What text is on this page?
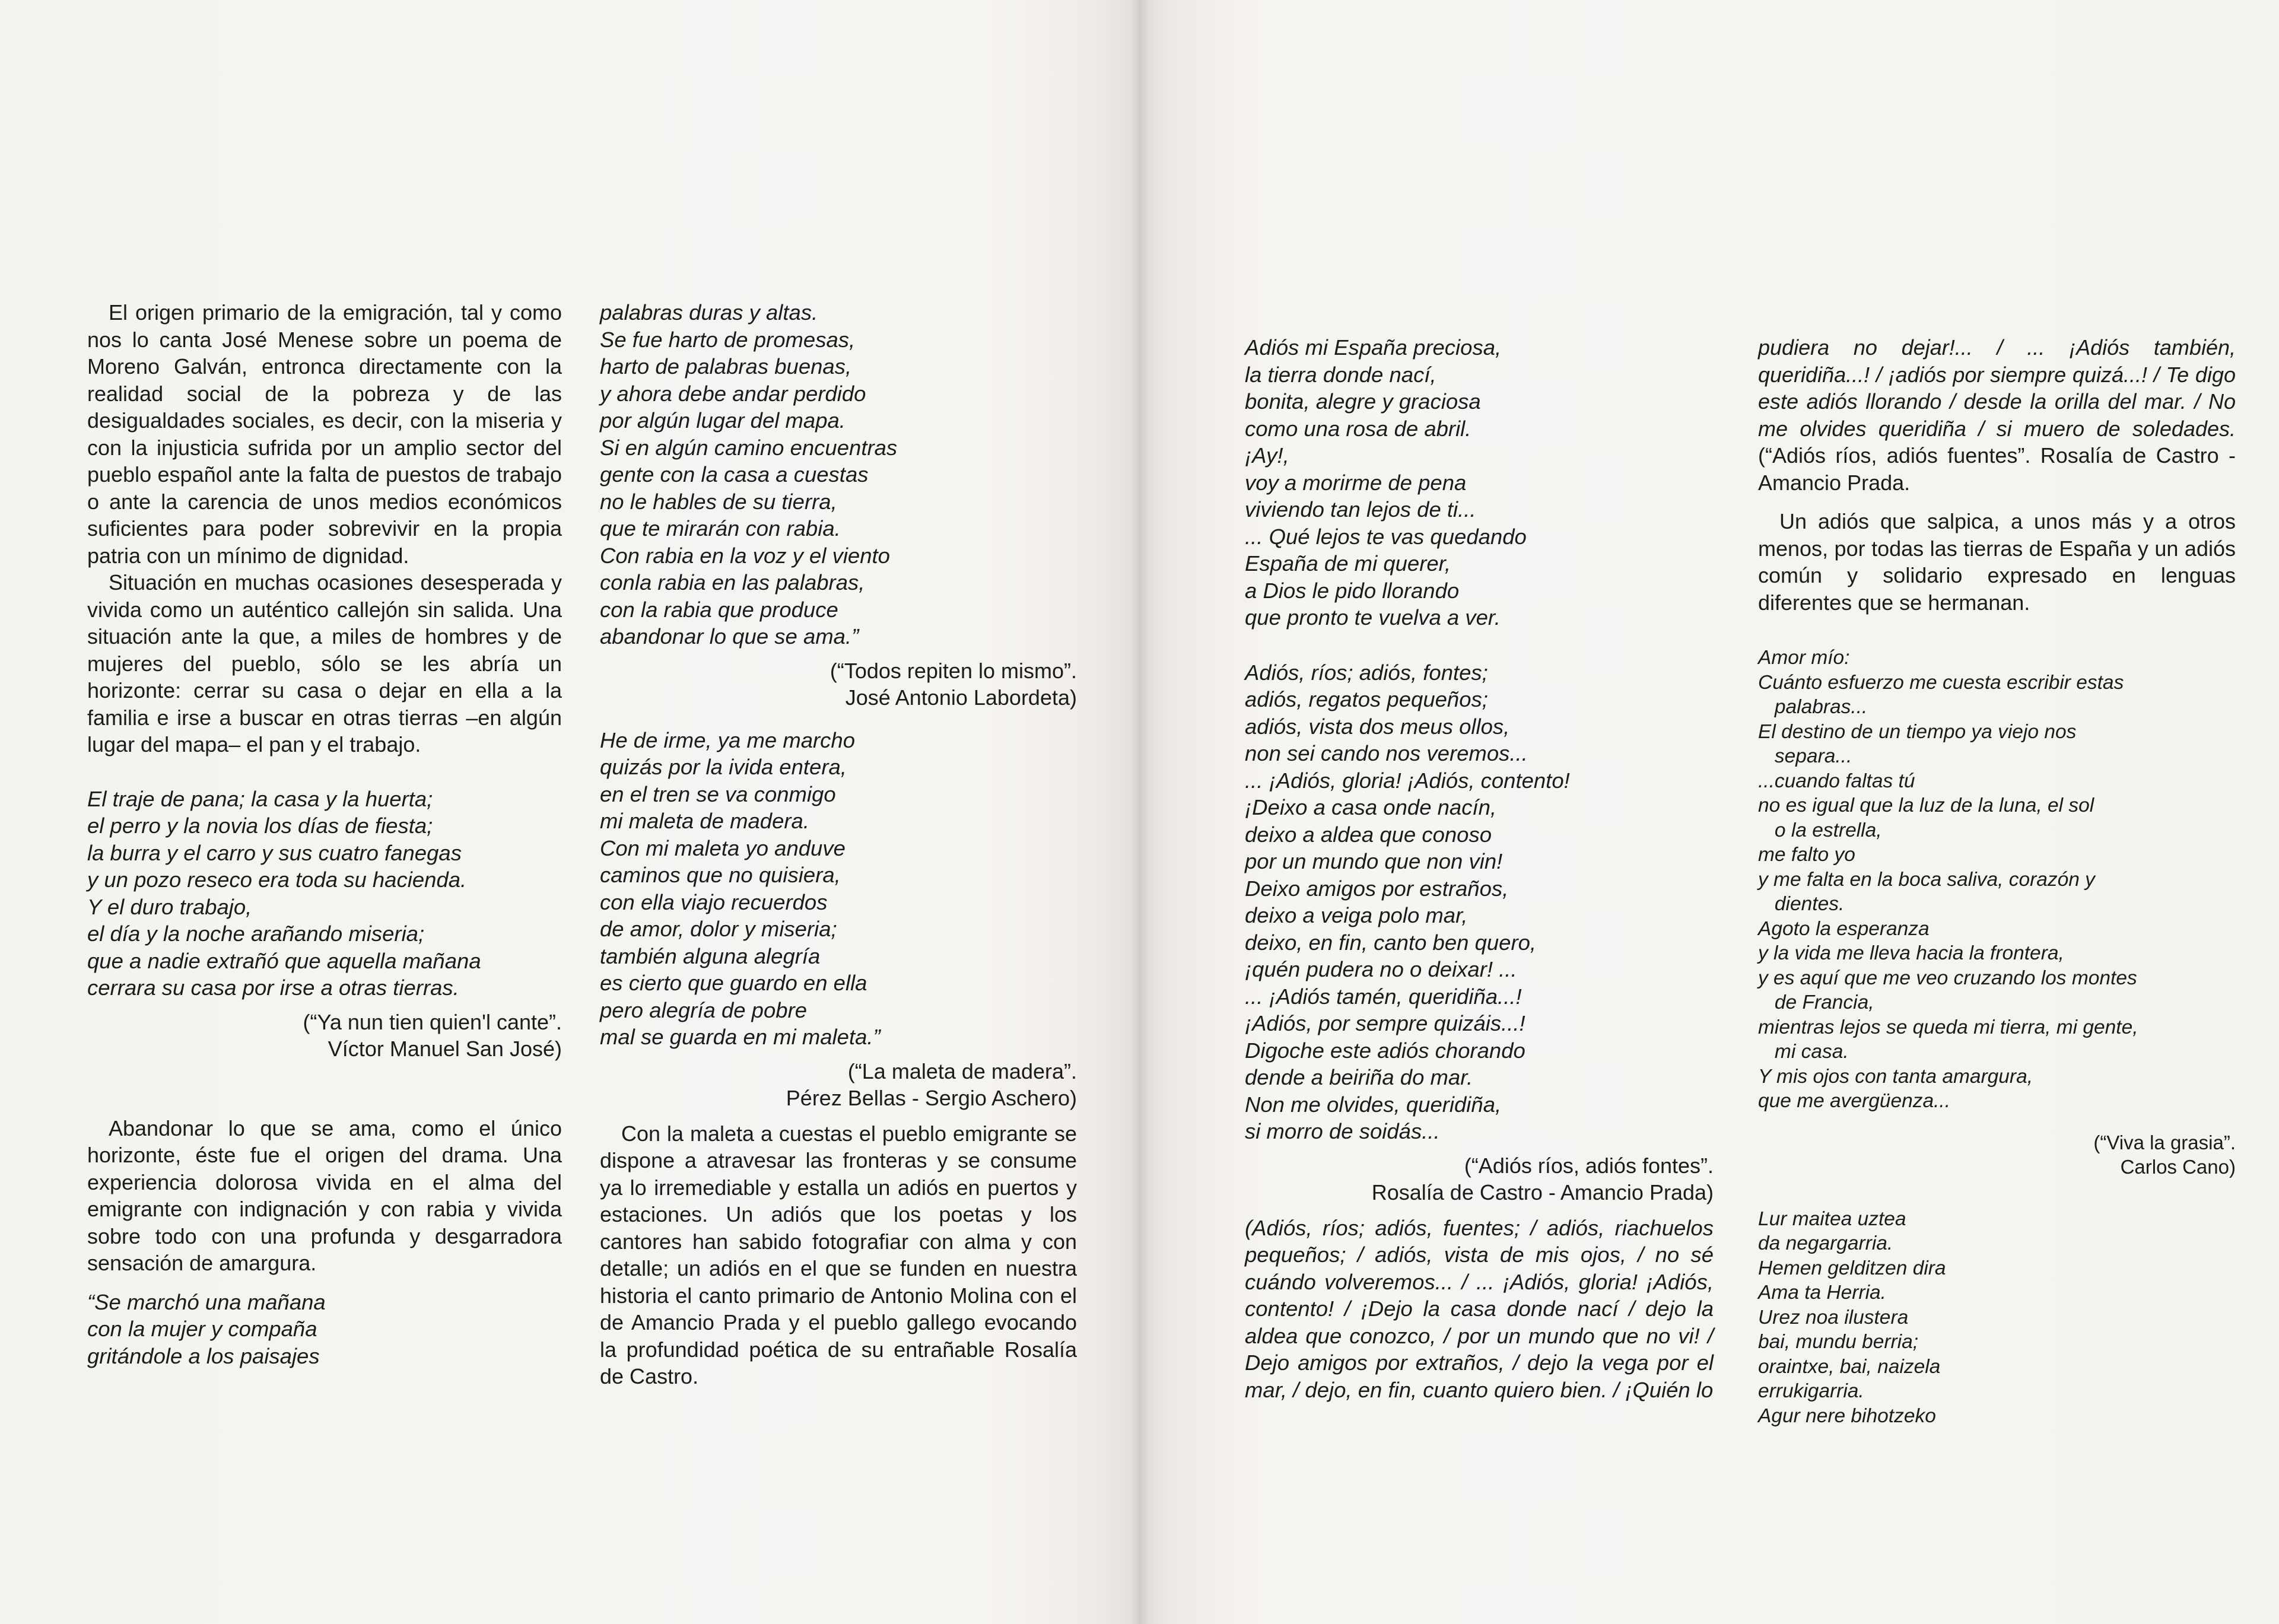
El origen primario de la emigración, tal y como nos lo canta José Menese sobre un poema de Moreno Galván, entronca directamente con la realidad social de la pobreza y de las desigualdades sociales, es decir, con la miseria y con la injusticia sufrida por un amplio sector del pueblo español ante la falta de puestos de trabajo o ante la carencia de unos medios económicos suficientes para poder sobrevivir en la propia patria con un mínimo de dignidad.

Situación en muchas ocasiones desesperada y vivida como un auténtico callejón sin salida. Una situación ante la que, a miles de hombres y de mujeres del pueblo, sólo se les abría un horizonte: cerrar su casa o dejar en ella a la familia e irse a buscar en otras tierras –en algún lugar del mapa– el pan y el trabajo.

El traje de pana; la casa y la huerta;
el perro y la novia los días de fiesta;
la burra y el carro y sus cuatro fanegas
y un pozo reseco era toda su hacienda.
Y el duro trabajo,
el día y la noche arañando miseria;
que a nadie extrañó que aquella mañana
cerrara su casa por irse a otras tierras.

(“Ya nun tien quien'l cante”.
Víctor Manuel San José)

Abandonar lo que se ama, como el único horizonte, éste fue el origen del drama. Una experiencia dolorosa vivida en el alma del emigrante con indignación y con rabia y vivida sobre todo con una profunda y desgarradora sensación de amargura.

“Se marchó una mañana
con la mujer y compaña
gritándole a los paisajes

palabras duras y altas.
Se fue harto de promesas,
harto de palabras buenas,
y ahora debe andar perdido
por algún lugar del mapa.
Si en algún camino encuentras
gente con la casa a cuestas
no le hables de su tierra,
que te mirarán con rabia.
Con rabia en la voz y el viento
conla rabia en las palabras,
con la rabia que produce
abandonar lo que se ama.”

(“Todos repiten lo mismo”.
José Antonio Labordeta)

He de irme, ya me marcho
quizás por la ivida entera,
en el tren se va conmigo
mi maleta de madera.
Con mi maleta yo anduve
caminos que no quisiera,
con ella viajo recuerdos
de amor, dolor y miseria;
también alguna alegría
es cierto que guardo en ella
pero alegría de pobre
mal se guarda en mi maleta.”

(“La maleta de madera”.
Pérez Bellas - Sergio Aschero)

Con la maleta a cuestas el pueblo emigrante se dispone a atravesar las fronteras y se consume ya lo irremediable y estalla un adiós en puertos y estaciones. Un adiós que los poetas y los cantores han sabido fotografiar con alma y con detalle; un adiós en el que se funden en nuestra historia el canto primario de Antonio Molina con el de Amancio Prada y el pueblo gallego evocando la profundidad poética de su entrañable Rosalía de Castro.

Adiós mi España preciosa,
la tierra donde nací,
bonita, alegre y graciosa
como una rosa de abril.
¡Ay!,
voy a morirme de pena
viviendo tan lejos de ti...
... Qué lejos te vas quedando
España de mi querer,
a Dios le pido llorando
que pronto te vuelva a ver.

Adiós, ríos; adiós, fontes;
adiós, regatos pequeños;
adiós, vista dos meus ollos,
non sei cando nos veremos...
... ¡Adiós, gloria! ¡Adiós, contento!
¡Deixo a casa onde nacín,
deixo a aldea que conoso
por un mundo que non vin!
Deixo amigos por estraños,
deixo a veiga polo mar,
deixo, en fin, canto ben quero,
¡quén pudera no o deixar! ...
... ¡Adiós tamén, queridiña...!
¡Adiós, por sempre quizáis...!
Digoche este adiós chorando
dende a beiriña do mar.
Non me olvides, queridiña,
si morro de soidás...

(“Adiós ríos, adiós fontes”.
Rosalía de Castro - Amancio Prada)

(Adiós, ríos; adiós, fuentes; / adiós, riachuelos pequeños; / adiós, vista de mis ojos, / no sé cuándo volveremos... / ... ¡Adiós, gloria! ¡Adiós, contento! / ¡Dejo la casa donde nací / dejo la aldea que conozco, / por un mundo que no vi! / Dejo amigos por extraños, / dejo la vega por el mar, / dejo, en fin, cuanto quiero bien. / ¡Quién lo

pudiera no dejar!... / ... ¡Adiós también, queridiña...! / ¡adiós por siempre quizá...! / Te digo este adiós llorando / desde la orilla del mar. / No me olvides queridiña / si muero de soledades. (“Adiós ríos, adiós fuentes”. Rosalía de Castro - Amancio Prada.

Un adiós que salpica, a unos más y a otros menos, por todas las tierras de España y un adiós común y solidario expresado en lenguas diferentes que se hermanan.

Amor mío:
Cuánto esfuerzo me cuesta escribir estas
palabras...
El destino de un tiempo ya viejo nos
separa...
...cuando faltas tú
no es igual que la luz de la luna, el sol
o la estrella,
me falto yo
y me falta en la boca saliva, corazón y
dientes.
Agoto la esperanza
y la vida me lleva hacia la frontera,
y es aquí que me veo cruzando los montes
de Francia,
mientras lejos se queda mi tierra, mi gente,
mi casa.
Y mis ojos con tanta amargura,
que me avergüenza...

(“Viva la grasia”.
Carlos Cano)

Lur maitea uztea
da negargarria.
Hemen gelditzen dira
Ama ta Herria.
Urez noa ilustera
bai, mundu berria;
oraintxe, bai, naizela
errukigarria.
Agur nere bihotzeko
